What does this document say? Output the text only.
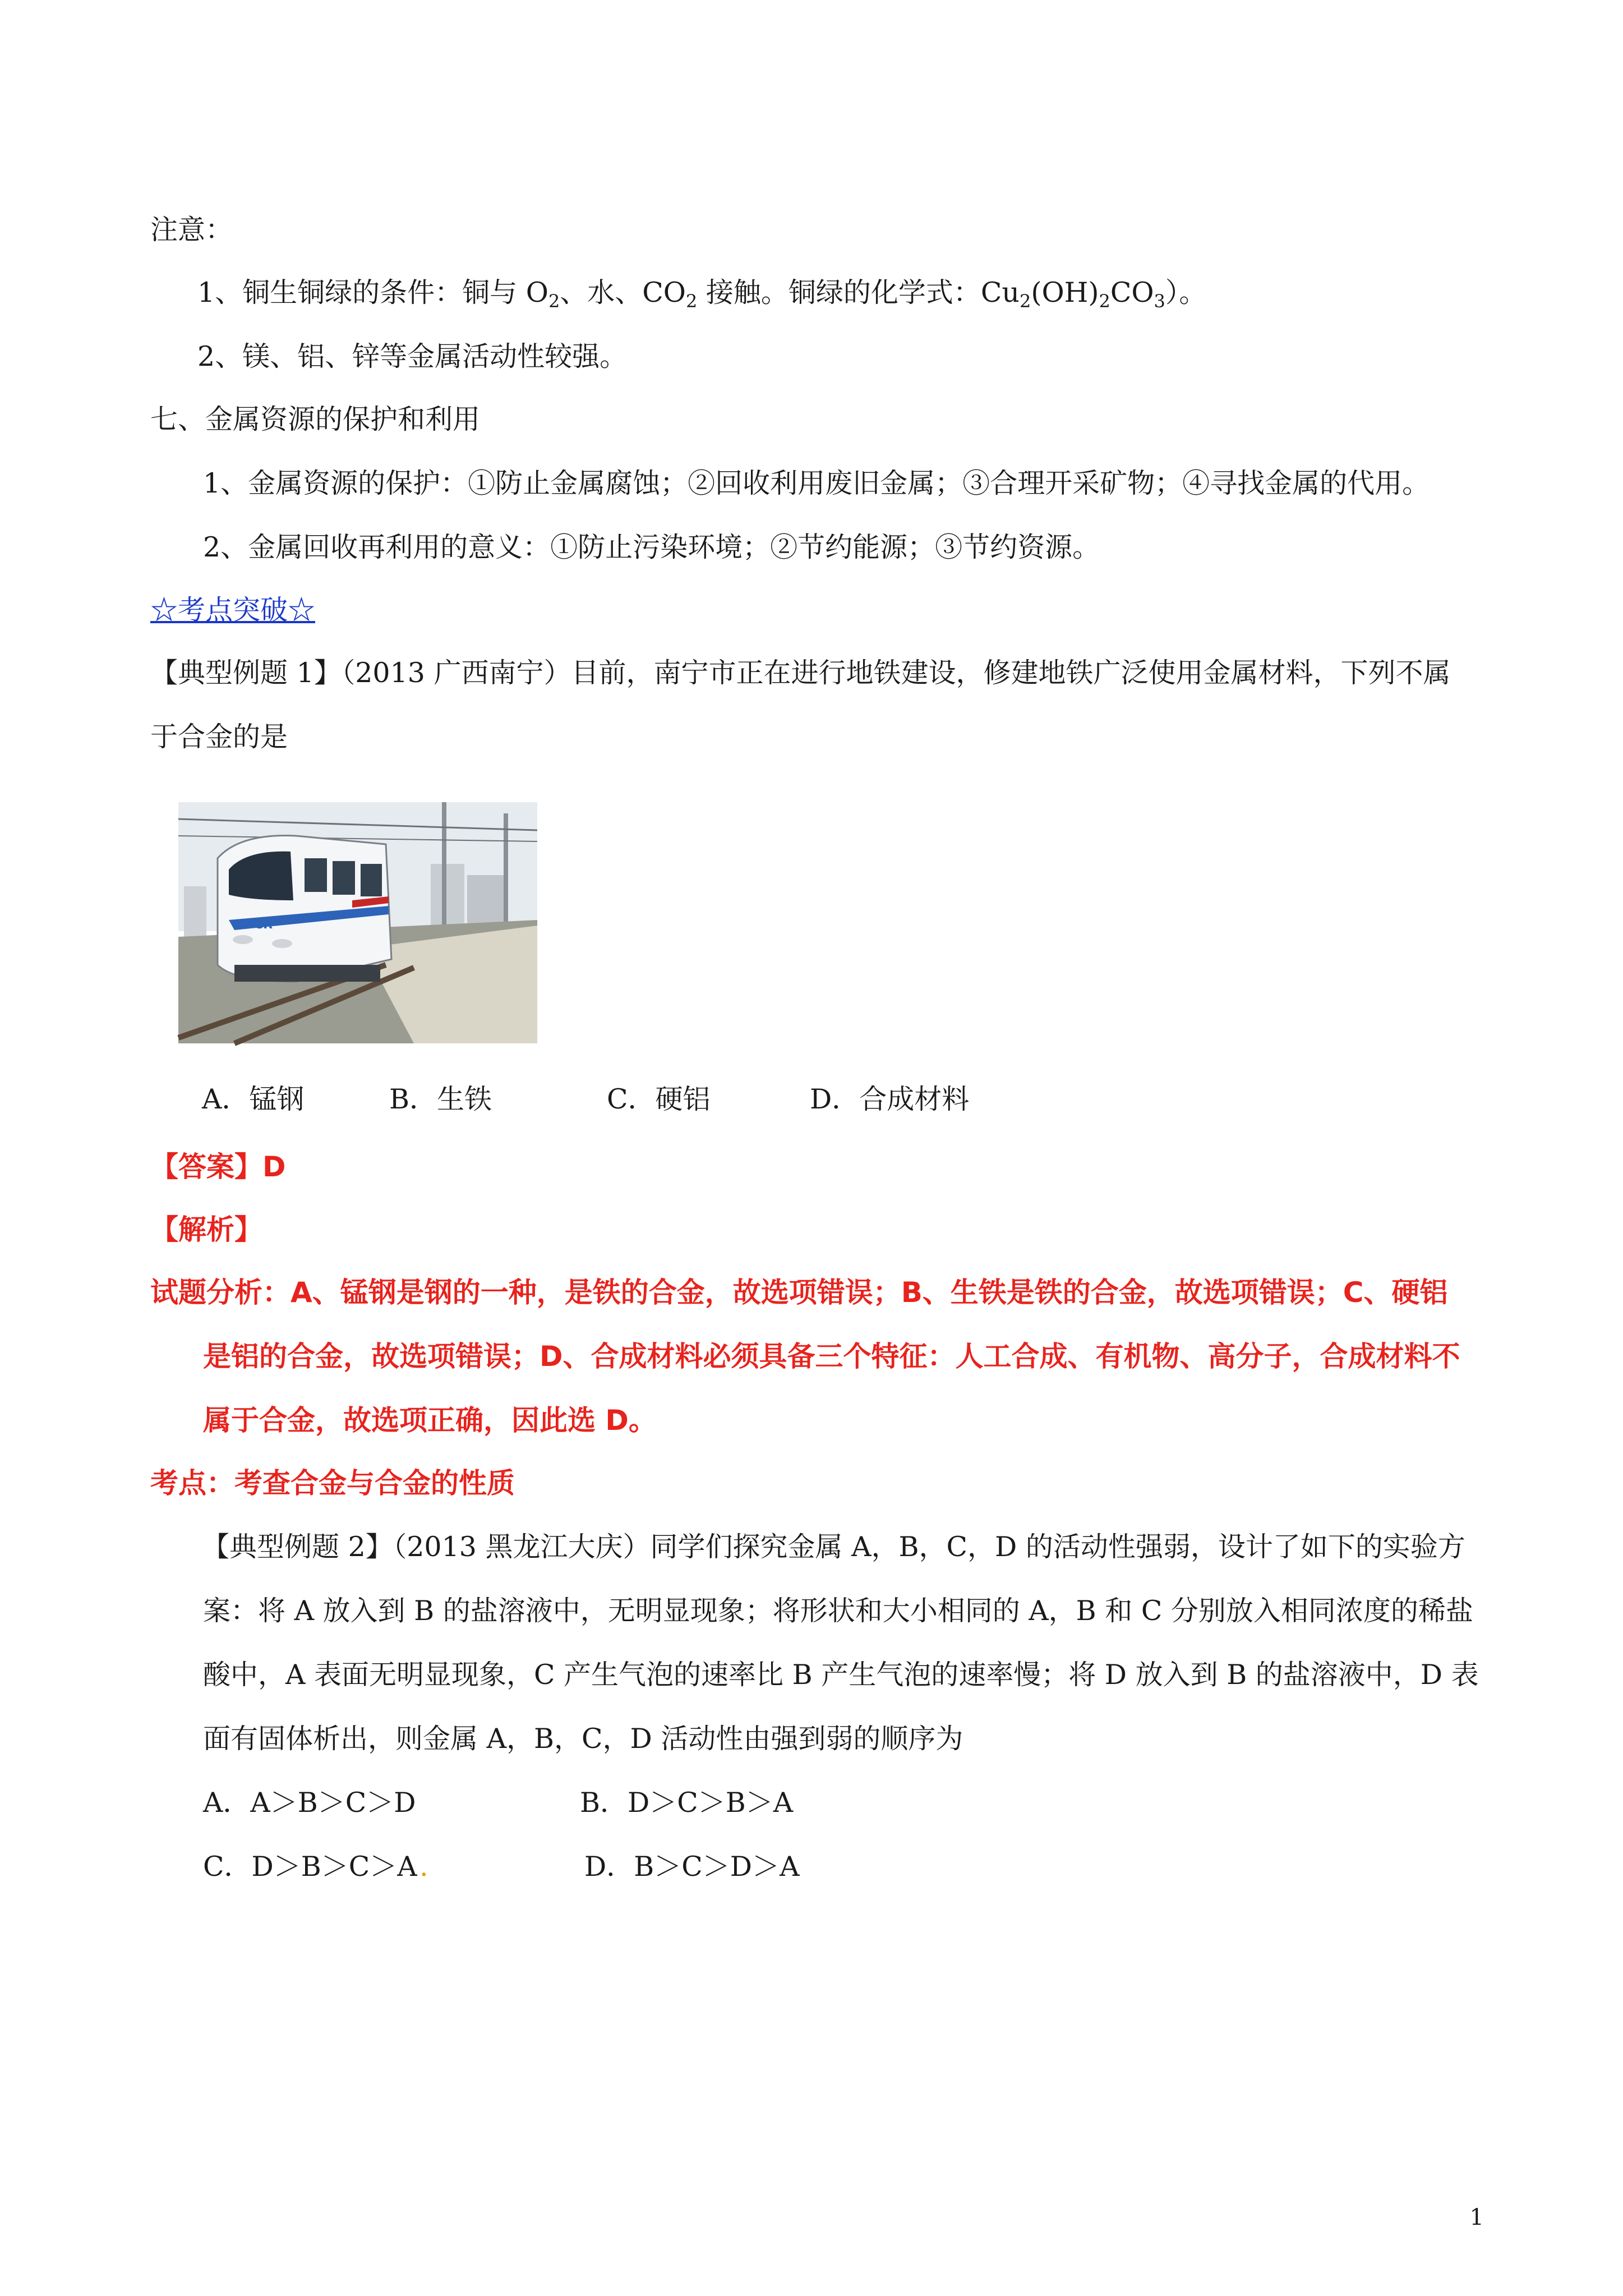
注意：
1、铜生铜绿的条件：铜与 $O_2$、水、$CO_2$ 接触。铜绿的化学式：$Cu_2(OH)_2CO_3$）。
2、镁、铝、锌等金属活动性较强。
七、金属资源的保护和利用
1、金属资源的保护：①防止金属腐蚀；②回收利用废旧金属；③合理开采矿物；④寻找金属的代用。
2、金属回收再利用的意义：①防止污染环境；②节约能源；③节约资源。
☆考点突破☆
【典型例题 1】（2013 广西南宁）目前，南宁市正在进行地铁建设，修建地铁广泛使用金属材料，下列不属
于合金的是
CR
A．锰钢	B．生铁	C．硬铝	D．合成材料
【答案】D
【解析】
试题分析：A、锰钢是钢的一种，是铁的合金，故选项错误；B、生铁是铁的合金，故选项错误；C、硬铝
是铝的合金，故选项错误；D、合成材料必须具备三个特征：人工合成、有机物、高分子，合成材料不
属于合金，故选项正确，因此选 D。
考点：考查合金与合金的性质
【典型例题 2】（2013 黑龙江大庆）同学们探究金属 A，B，C，D 的活动性强弱，设计了如下的实验方
案：将 A 放入到 B 的盐溶液中，无明显现象；将形状和大小相同的 A，B 和 C 分别放入相同浓度的稀盐
酸中，A 表面无明显现象，C 产生气泡的速率比 B 产生气泡的速率慢；将 D 放入到 B 的盐溶液中，D 表
面有固体析出，则金属 A，B，C，D 活动性由强到弱的顺序为
A．A＞B＞C＞D	B．D＞C＞B＞A
C．D＞B＞C＞A .	D．B＞C＞D＞A
1
